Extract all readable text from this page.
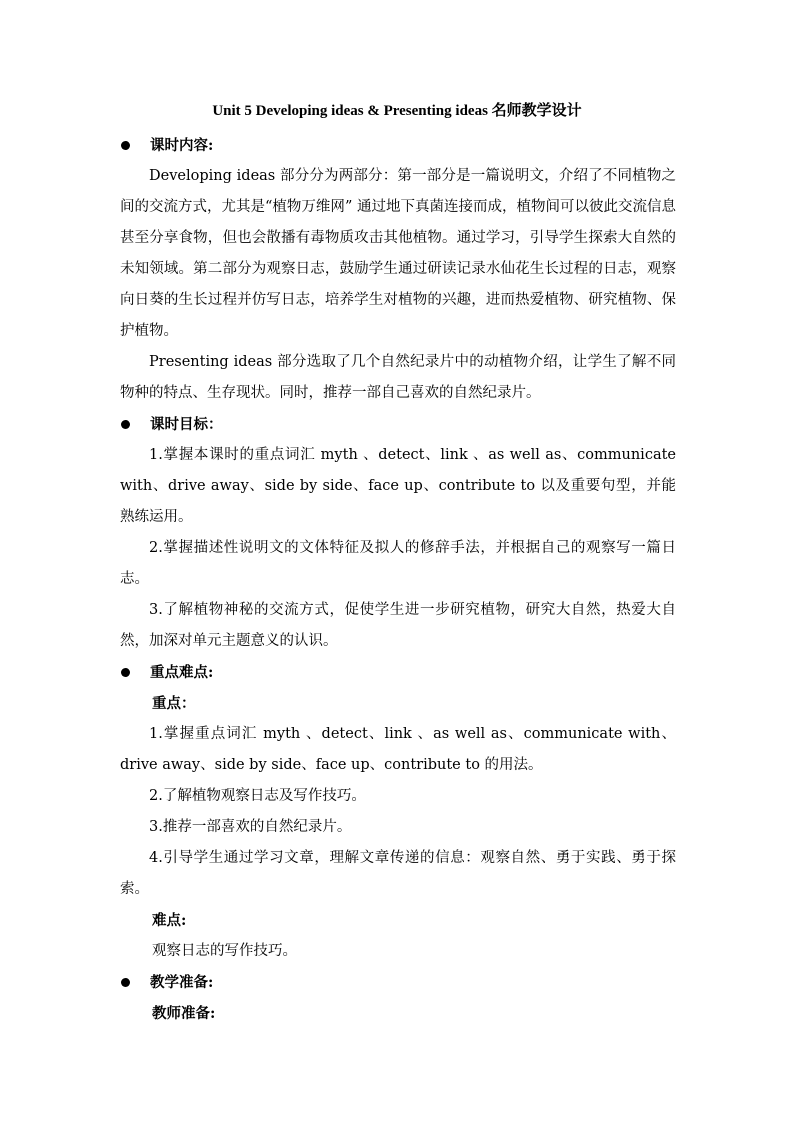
Unit 5 Developing ideas & Presenting ideas 名师教学设计
课时内容:

Developing ideas 部分分为两部分：第一部分是一篇说明文，介绍了不同植物之间的交流方式，尤其是“植物万维网” 通过地下真菌连接而成，植物间可以彼此交流信息甚至分享食物，但也会散播有毒物质攻击其他植物。通过学习，引导学生探索大自然的未知领域。第二部分为观察日志，鼓励学生通过研读记录水仙花生长过程的日志，观察向日葵的生长过程并仿写日志，培养学生对植物的兴趣，进而热爱植物、研究植物、保护植物。

Presenting ideas 部分选取了几个自然纪录片中的动植物介绍，让学生了解不同物种的特点、生存现状。同时，推荐一部自己喜欢的自然纪录片。

课时目标：

1.掌握本课时的重点词汇 myth 、detect、link 、as well as、communicate with、drive away、side by side、face up、contribute to 以及重要句型，并能熟练运用。

2.掌握描述性说明文的文体特征及拟人的修辞手法，并根据自己的观察写一篇日志。

3.了解植物神秘的交流方式，促使学生进一步研究植物，研究大自然，热爱大自然，加深对单元主题意义的认识。

重点难点:
重点：

1.掌握重点词汇 myth 、detect、link 、as well as、communicate with、drive away、side by side、face up、contribute to 的用法。

2.了解植物观察日志及写作技巧。

3.推荐一部喜欢的自然纪录片。

4.引导学生通过学习文章，理解文章传递的信息：观察自然、勇于实践、勇于探索。

难点:
观察日志的写作技巧。
教学准备:
教师准备:
